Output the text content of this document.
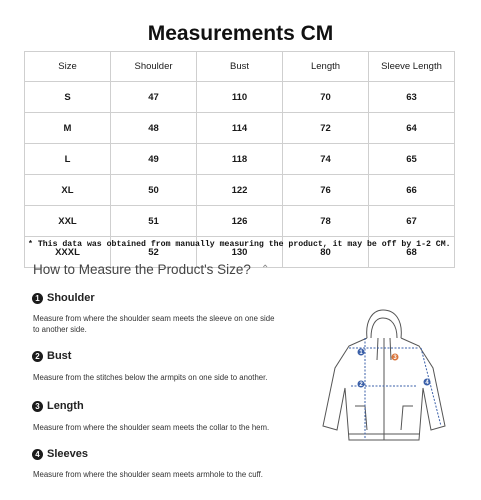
Measurements CM
Size	Shoulder	Bust	Length	Sleeve Length
S	47	110	70	63
M	48	114	72	64
L	49	118	74	65
XL	50	122	76	66
XXL	51	126	78	67
XXXL	52	130	80	68
* This data was obtained from manually measuring the product, it may be off by 1-2 CM.
How to Measure the Product's Size? ⌃
1 Shoulder
Measure from where the shoulder seam meets the sleeve on one side to another side.
2 Bust
Measure from the stitches below the armpits on one side to another.
3 Length
Measure from where the shoulder seam meets the collar to the hem.
4 Sleeves
Measure from where the shoulder seam meets armhole to the cuff.
1
2
3
4
